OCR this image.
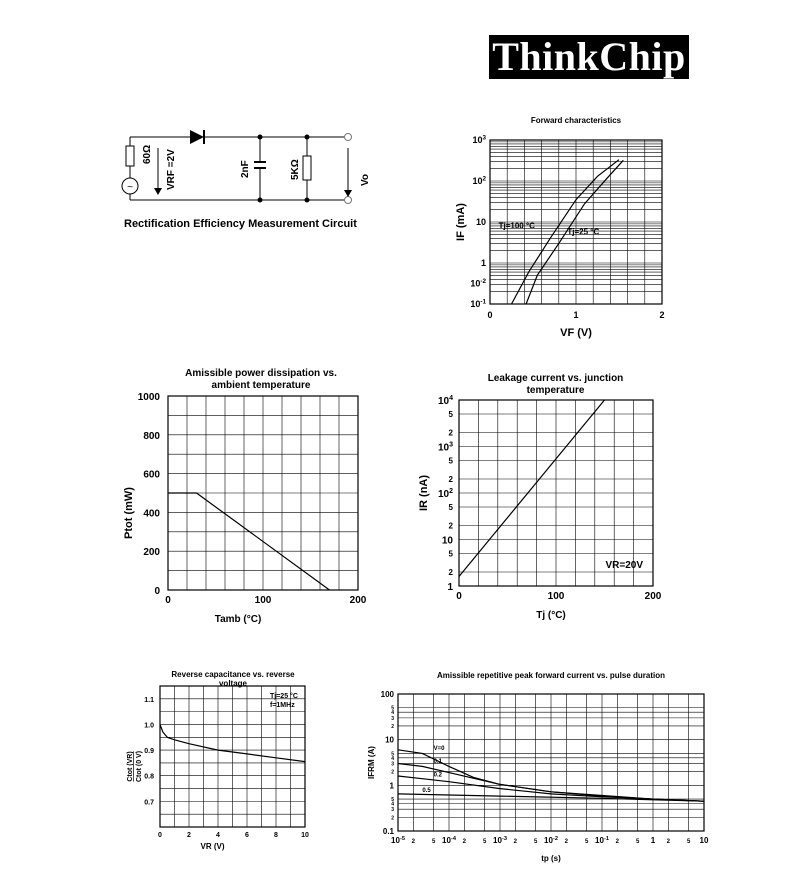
ThinkChip
~
60Ω VRF =2V	2nF	5KΩ	Vo
Rectification Efficiency Measurement Circuit
Forward characteristics
0	1	2
$10^{-1}$
$10^{-2}$
1
10
$10^2$
$10^3$
VF (V)
IF (mA)	Tj=100 °C
Tj=25 °C
Amissible power dissipation vs. ambient temperature
0	100	200
0
200
400
600
800
1000
Tamb (°C)
Ptot (mW)
Leakage current vs. junction temperature
0	100	200
1
2
5
10
2
5
$10^2$
2
5
$10^3$
2
5
$10^4$
Tj (°C)
IR (nA)
VR=20V
Reverse capacitance vs. reverse voltage
0	2	4	6	8	10
0.7
0.8
0.9
1.0
1.1
VR (V)
Ctot (VR) Ctot (0 V)
Tj=25 °C
f=1MHz
Amissible repetitive peak forward current vs. pulse duration
$10^{-5}$	$10^{-4}$	$10^{-3}$	$10^{-2}$	$10^{-1}$	1	10
2	5	2	5	2	5	2	5	2	5	2	5
0.1
1
10
100
2
3
4
5
2
3
4
5
2
3
4
5
tp (s)
IFRM (A)	V=0
0.1
0.2
0.5
